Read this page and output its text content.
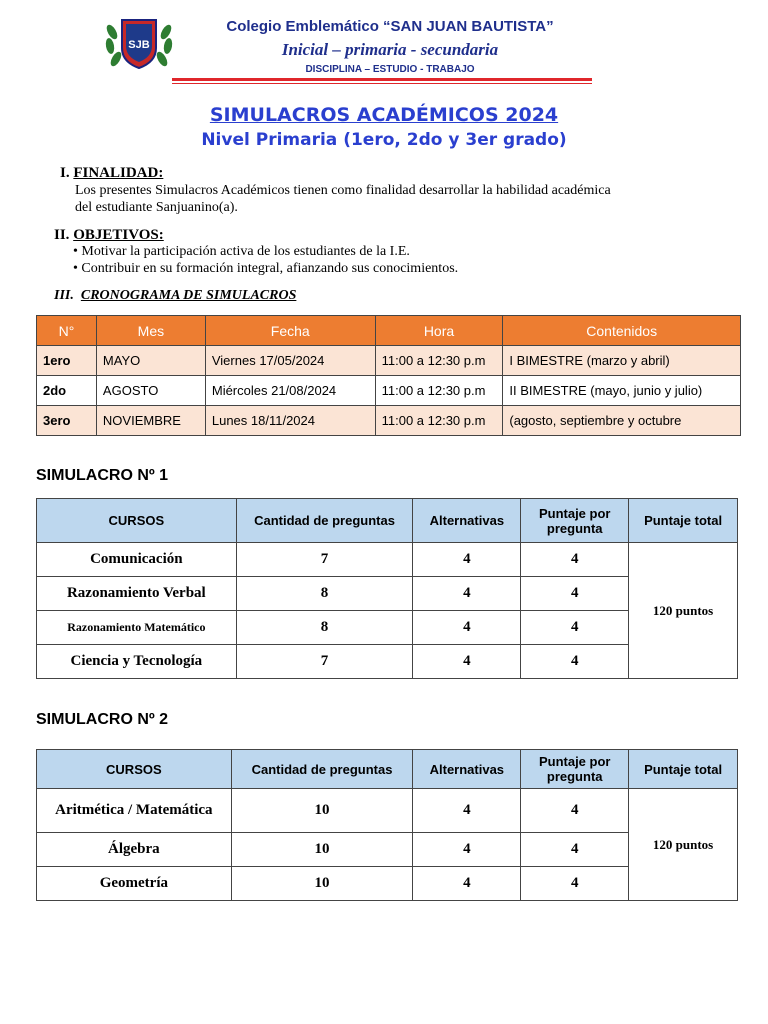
SJB
Colegio Emblemático “SAN JUAN BAUTISTA”
Inicial – primaria - secundaria
DISCIPLINA – ESTUDIO - TRABAJO
SIMULACROS ACADÉMICOS 2024
Nivel Primaria (1ero, 2do y 3er grado)
I. FINALIDAD:
Los presentes Simulacros Académicos tienen como finalidad desarrollar la habilidad académica
del estudiante Sanjuanino(a).
II. OBJETIVOS:
• Motivar la participación activa de los estudiantes de la I.E.
• Contribuir en su formación integral, afianzando sus conocimientos.
III. CRONOGRAMA DE SIMULACROS
N°	Mes	Fecha	Hora	Contenidos
1ero	MAYO	Viernes 17/05/2024	11:00 a 12:30 p.m	I BIMESTRE (marzo y abril)
2do	AGOSTO	Miércoles 21/08/2024	11:00 a 12:30 p.m	II BIMESTRE (mayo, junio y julio)
3ero	NOVIEMBRE	Lunes 18/11/2024	11:00 a 12:30 p.m	(agosto, septiembre y octubre
SIMULACRO Nº 1
CURSOS	Cantidad de preguntas	Alternativas	Puntaje por pregunta	Puntaje total
Comunicación	7	4	4	120 puntos
Razonamiento Verbal	8	4	4	
Razonamiento Matemático	8	4	4	
Ciencia y Tecnología	7	4	4	
SIMULACRO Nº 2
CURSOS	Cantidad de preguntas	Alternativas	Puntaje por pregunta	Puntaje total
Aritmética / Matemática	10	4	4	120 puntos
Álgebra	10	4	4	
Geometría	10	4	4	
